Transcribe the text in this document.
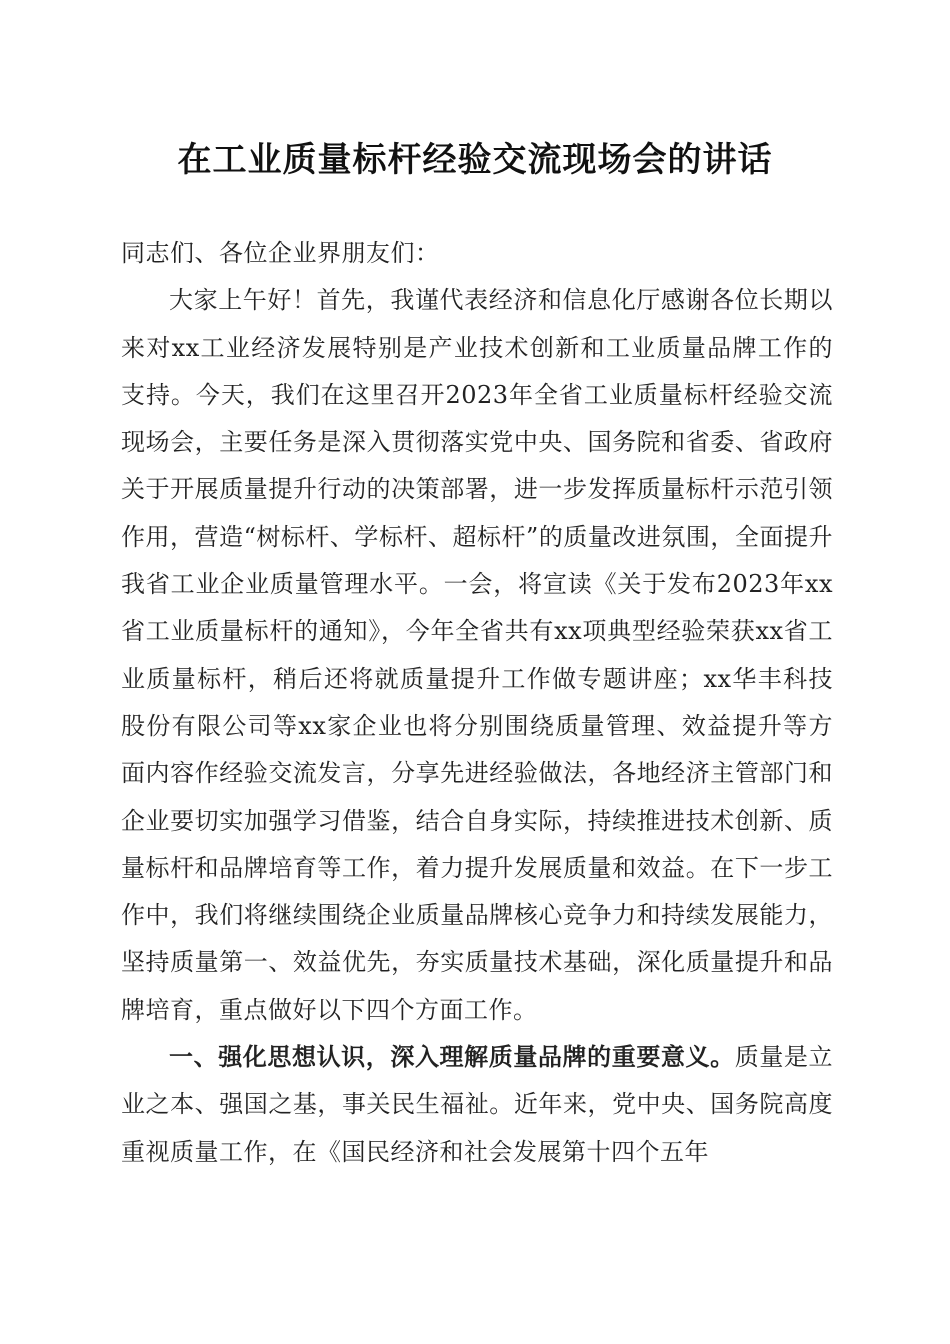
在工业质量标杆经验交流现场会的讲话

同志们、各位企业界朋友们：

大家上午好！首先，我谨代表经济和信息化厅感谢各位长期以来对xx工业经济发展特别是产业技术创新和工业质量品牌工作的支持。今天，我们在这里召开2023年全省工业质量标杆经验交流现场会，主要任务是深入贯彻落实党中央、国务院和省委、省政府关于开展质量提升行动的决策部署，进一步发挥质量标杆示范引领作用，营造“树标杆、学标杆、超标杆”的质量改进氛围，全面提升我省工业企业质量管理水平。一会，将宣读《关于发布2023年xx省工业质量标杆的通知》，今年全省共有xx项典型经验荣获xx省工业质量标杆，稍后还将就质量提升工作做专题讲座；xx华丰科技股份有限公司等xx家企业也将分别围绕质量管理、效益提升等方面内容作经验交流发言，分享先进经验做法，各地经济主管部门和企业要切实加强学习借鉴，结合自身实际，持续推进技术创新、质量标杆和品牌培育等工作，着力提升发展质量和效益。在下一步工作中，我们将继续围绕企业质量品牌核心竞争力和持续发展能力，坚持质量第一、效益优先，夯实质量技术基础，深化质量提升和品牌培育，重点做好以下四个方面工作。

一、强化思想认识，深入理解质量品牌的重要意义。质量是立业之本、强国之基，事关民生福祉。近年来，党中央、国务院高度重视质量工作，在《国民经济和社会发展第十四个五年
